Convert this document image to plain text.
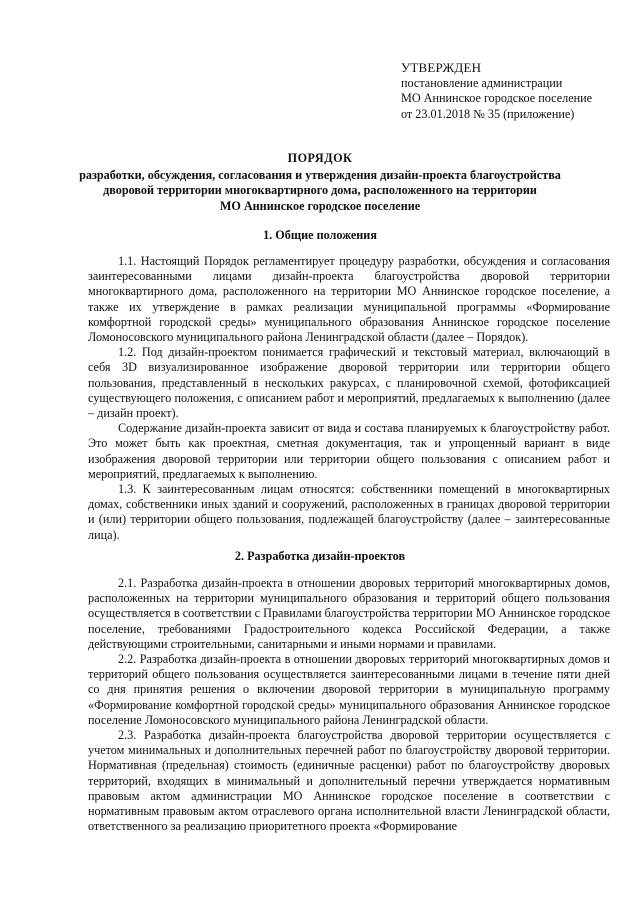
УТВЕРЖДЕН
постановление администрации
МО Аннинское городское поселение
от 23.01.2018 № 35 (приложение)
ПОРЯДОК
разработки, обсуждения, согласования и утверждения дизайн-проекта благоустройства
дворовой территории многоквартирного дома, расположенного на территории
МО Аннинское городское поселение
1. Общие положения

1.1. Настоящий Порядок регламентирует процедуру разработки, обсуждения и согласования заинтересованными лицами дизайн-проекта благоустройства дворовой территории многоквартирного дома, расположенного на территории МО Аннинское городское поселение, а также их утверждение в рамках реализации муниципальной программы «Формирование комфортной городской среды» муниципального образования Аннинское городское поселение Ломоносовского муниципального района Ленинградской области (далее – Порядок).

1.2. Под дизайн-проектом понимается графический и текстовый материал, включающий в себя 3D визуализированное изображение дворовой территории или территории общего пользования, представленный в нескольких ракурсах, с планировочной схемой, фотофиксацией существующего положения, с описанием работ и мероприятий, предлагаемых к выполнению (далее – дизайн проект).

Содержание дизайн-проекта зависит от вида и состава планируемых к благоустройству работ. Это может быть как проектная, сметная документация, так и упрощенный вариант в виде изображения дворовой территории или территории общего пользования с описанием работ и мероприятий, предлагаемых к выполнению.

1.3. К заинтересованным лицам относятся: собственники помещений в многоквартирных домах, собственники иных зданий и сооружений, расположенных в границах дворовой территории и (или) территории общего пользования, подлежащей благоустройству (далее – заинтересованные лица).

2. Разработка дизайн-проектов

2.1. Разработка дизайн-проекта в отношении дворовых территорий многоквартирных домов, расположенных на территории муниципального образования и территорий общего пользования осуществляется в соответствии с Правилами благоустройства территории МО Аннинское городское поселение, требованиями Градостроительного кодекса Российской Федерации, а также действующими строительными, санитарными и иными нормами и правилами.

2.2. Разработка дизайн-проекта в отношении дворовых территорий многоквартирных домов и территорий общего пользования осуществляется заинтересованными лицами в течение пяти дней со дня принятия решения о включении дворовой территории в муниципальную программу «Формирование комфортной городской среды» муниципального образования Аннинское городское поселение Ломоносовского муниципального района Ленинградской области.

2.3. Разработка дизайн-проекта благоустройства дворовой территории осуществляется с учетом минимальных и дополнительных перечней работ по благоустройству дворовой территории. Нормативная (предельная) стоимость (единичные расценки) работ по благоустройству дворовых территорий, входящих в минимальный и дополнительный перечни утверждается нормативным правовым актом администрации МО Аннинское городское поселение в соответствии с нормативным правовым актом отраслевого органа исполнительной власти Ленинградской области, ответственного за реализацию приоритетного проекта «Формирование
